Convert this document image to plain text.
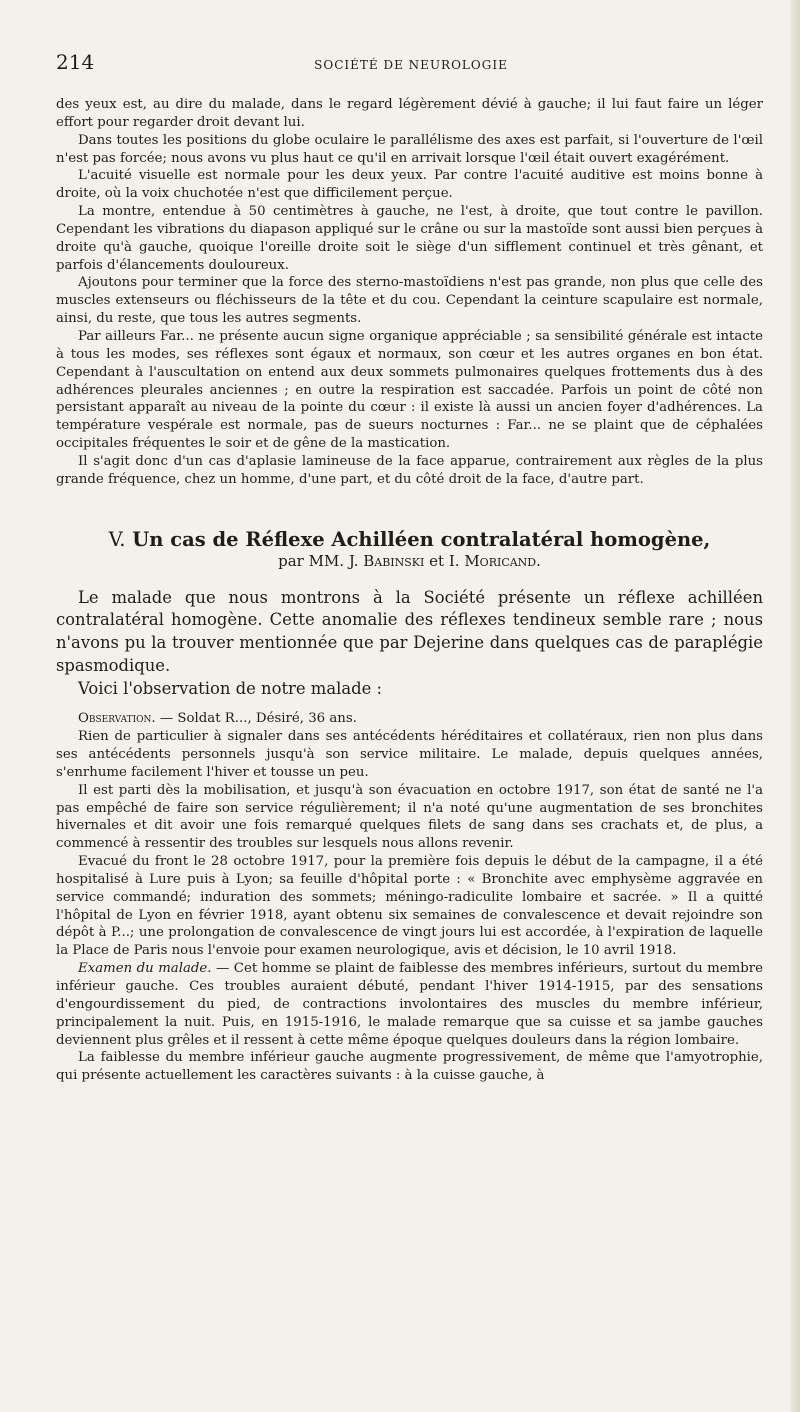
214	SOCIÉTÉ DE NEUROLOGIE

des yeux est, au dire du malade, dans le regard légèrement dévié à gauche; il lui faut faire un léger effort pour regarder droit devant lui.

Dans toutes les positions du globe oculaire le parallélisme des axes est parfait, si l'ouverture de l'œil n'est pas forcée; nous avons vu plus haut ce qu'il en arrivait lorsque l'œil était ouvert exagérément.

L'acuité visuelle est normale pour les deux yeux. Par contre l'acuité auditive est moins bonne à droite, où la voix chuchotée n'est que difficilement perçue.

La montre, entendue à 50 centimètres à gauche, ne l'est, à droite, que tout contre le pavillon. Cependant les vibrations du diapason appliqué sur le crâne ou sur la mastoïde sont aussi bien perçues à droite qu'à gauche, quoique l'oreille droite soit le siège d'un sifflement continuel et très gênant, et parfois d'élancements douloureux.

Ajoutons pour terminer que la force des sterno-mastoïdiens n'est pas grande, non plus que celle des muscles extenseurs ou fléchisseurs de la tête et du cou. Cependant la ceinture scapulaire est normale, ainsi, du reste, que tous les autres segments.

Par ailleurs Far... ne présente aucun signe organique appréciable ; sa sensibilité générale est intacte à tous les modes, ses réflexes sont égaux et normaux, son cœur et les autres organes en bon état. Cependant à l'auscultation on entend aux deux sommets pulmonaires quelques frottements dus à des adhérences pleurales anciennes ; en outre la respiration est saccadée. Parfois un point de côté non persistant apparaît au niveau de la pointe du cœur : il existe là aussi un ancien foyer d'adhérences. La température vespérale est normale, pas de sueurs nocturnes : Far... ne se plaint que de céphalées occipitales fréquentes le soir et de gêne de la mastication.

Il s'agit donc d'un cas d'aplasie lamineuse de la face apparue, contrairement aux règles de la plus grande fréquence, chez un homme, d'une part, et du côté droit de la face, d'autre part.

V. Un cas de Réflexe Achilléen contralatéral homogène,
par MM. J. Babinski et I. Moricand.

Le malade que nous montrons à la Société présente un réflexe achilléen contralatéral homogène. Cette anomalie des réflexes tendineux semble rare ; nous n'avons pu la trouver mentionnée que par Dejerine dans quelques cas de paraplégie spasmodique.

Voici l'observation de notre malade :

Observation. — Soldat R..., Désiré, 36 ans.

Rien de particulier à signaler dans ses antécédents héréditaires et collatéraux, rien non plus dans ses antécédents personnels jusqu'à son service militaire. Le malade, depuis quelques années, s'enrhume facilement l'hiver et tousse un peu.

Il est parti dès la mobilisation, et jusqu'à son évacuation en octobre 1917, son état de santé ne l'a pas empêché de faire son service régulièrement; il n'a noté qu'une augmentation de ses bronchites hivernales et dit avoir une fois remarqué quelques filets de sang dans ses crachats et, de plus, a commencé à ressentir des troubles sur lesquels nous allons revenir.

Evacué du front le 28 octobre 1917, pour la première fois depuis le début de la campagne, il a été hospitalisé à Lure puis à Lyon; sa feuille d'hôpital porte : « Bronchite avec emphysème aggravée en service commandé; induration des sommets; méningo-radiculite lombaire et sacrée. » Il a quitté l'hôpital de Lyon en février 1918, ayant obtenu six semaines de convalescence et devait rejoindre son dépôt à P...; une prolongation de convalescence de vingt jours lui est accordée, à l'expiration de laquelle la Place de Paris nous l'envoie pour examen neurologique, avis et décision, le 10 avril 1918.

Examen du malade. — Cet homme se plaint de faiblesse des membres inférieurs, surtout du membre inférieur gauche. Ces troubles auraient débuté, pendant l'hiver 1914-1915, par des sensations d'engourdissement du pied, de contractions involontaires des muscles du membre inférieur, principalement la nuit. Puis, en 1915-1916, le malade remarque que sa cuisse et sa jambe gauches deviennent plus grêles et il ressent à cette même époque quelques douleurs dans la région lombaire.

La faiblesse du membre inférieur gauche augmente progressivement, de même que l'amyotrophie, qui présente actuellement les caractères suivants : à la cuisse gauche, à
